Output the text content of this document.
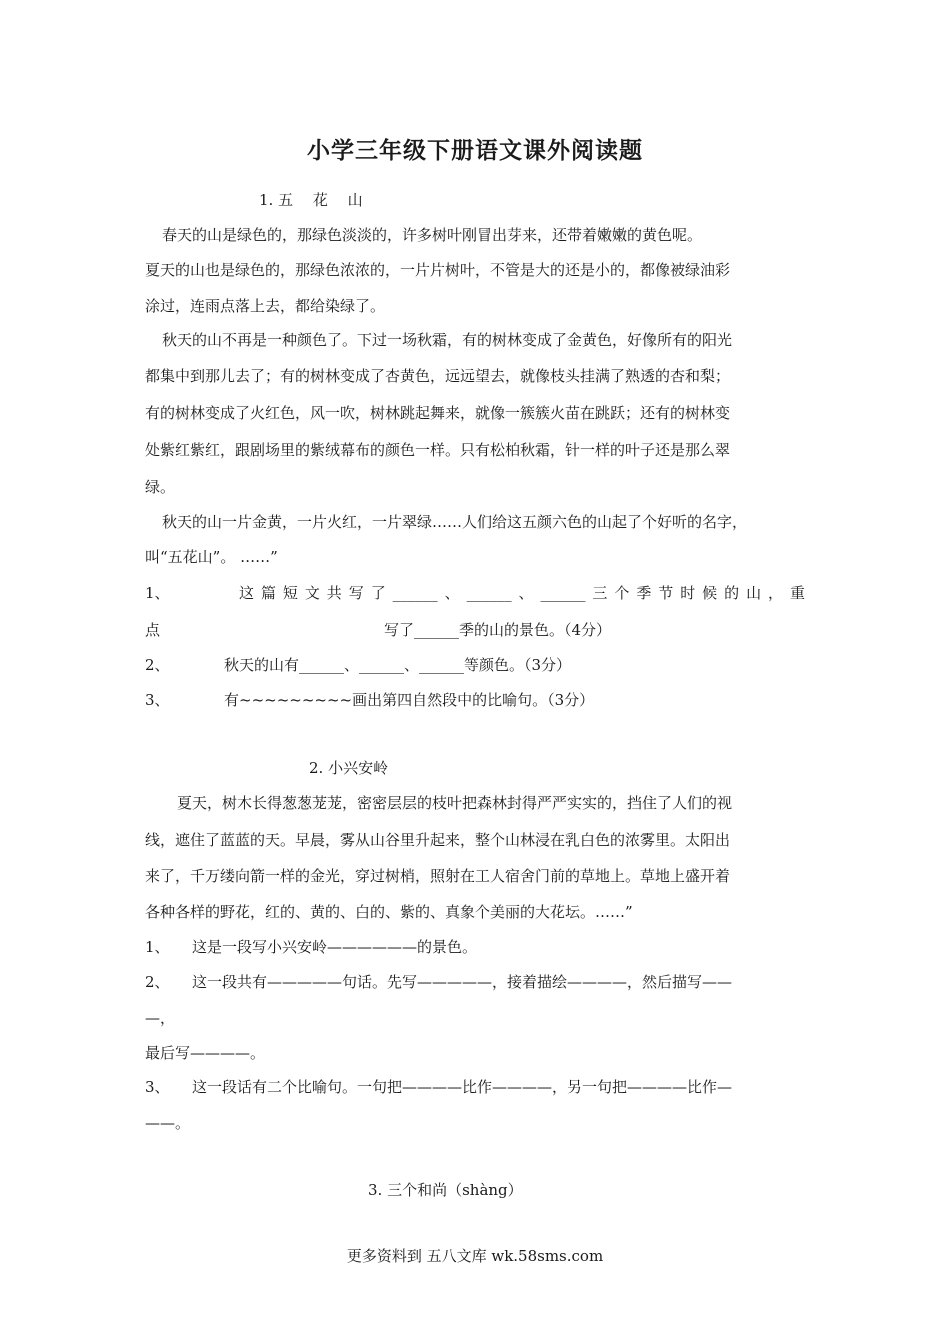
小学三年级下册语文课外阅读题
1. 五　 花　 山
春天的山是绿色的，那绿色淡淡的，许多树叶刚冒出芽来，还带着嫩嫩的黄色呢。
夏天的山也是绿色的，那绿色浓浓的，一片片树叶，不管是大的还是小的，都像被绿油彩
涂过，连雨点落上去，都给染绿了。
秋天的山不再是一种颜色了。下过一场秋霜，有的树林变成了金黄色，好像所有的阳光
都集中到那儿去了；有的树林变成了杏黄色，远远望去，就像枝头挂满了熟透的杏和梨；
有的树林变成了火红色，风一吹，树林跳起舞来，就像一簇簇火苗在跳跃；还有的树林变
处紫红紫红，跟剧场里的紫绒幕布的颜色一样。只有松柏秋霜，针一样的叶子还是那么翠
绿。
秋天的山一片金黄，一片火红，一片翠绿……人们给这五颜六色的山起了个好听的名字，
叫“五花山”。 ……”
1、	这篇短文共写了______、______、______三个季节时候的山，重
点	写了______季的山的景色。（4分）
2、	秋天的山有______、______、______等颜色。（3分）
3、	有~~~~~~~~~画出第四自然段中的比喻句。（3分）
2. 小兴安岭
夏天，树木长得葱葱茏茏，密密层层的枝叶把森林封得严严实实的，挡住了人们的视
线，遮住了蓝蓝的天。早晨，雾从山谷里升起来，整个山林浸在乳白色的浓雾里。太阳出
来了，千万缕向箭一样的金光，穿过树梢，照射在工人宿舍门前的草地上。草地上盛开着
各种各样的野花，红的、黄的、白的、紫的、真象个美丽的大花坛。……”
1、 这是一段写小兴安岭——————的景色。
2、 这一段共有—————句话。先写—————，接着描绘————，然后描写——
—，
最后写————。
3、 这一段话有二个比喻句。一句把————比作————，另一句把————比作—
——。
3. 三个和尚（shàng）
更多资料到 五八文库 wk.58sms.com
